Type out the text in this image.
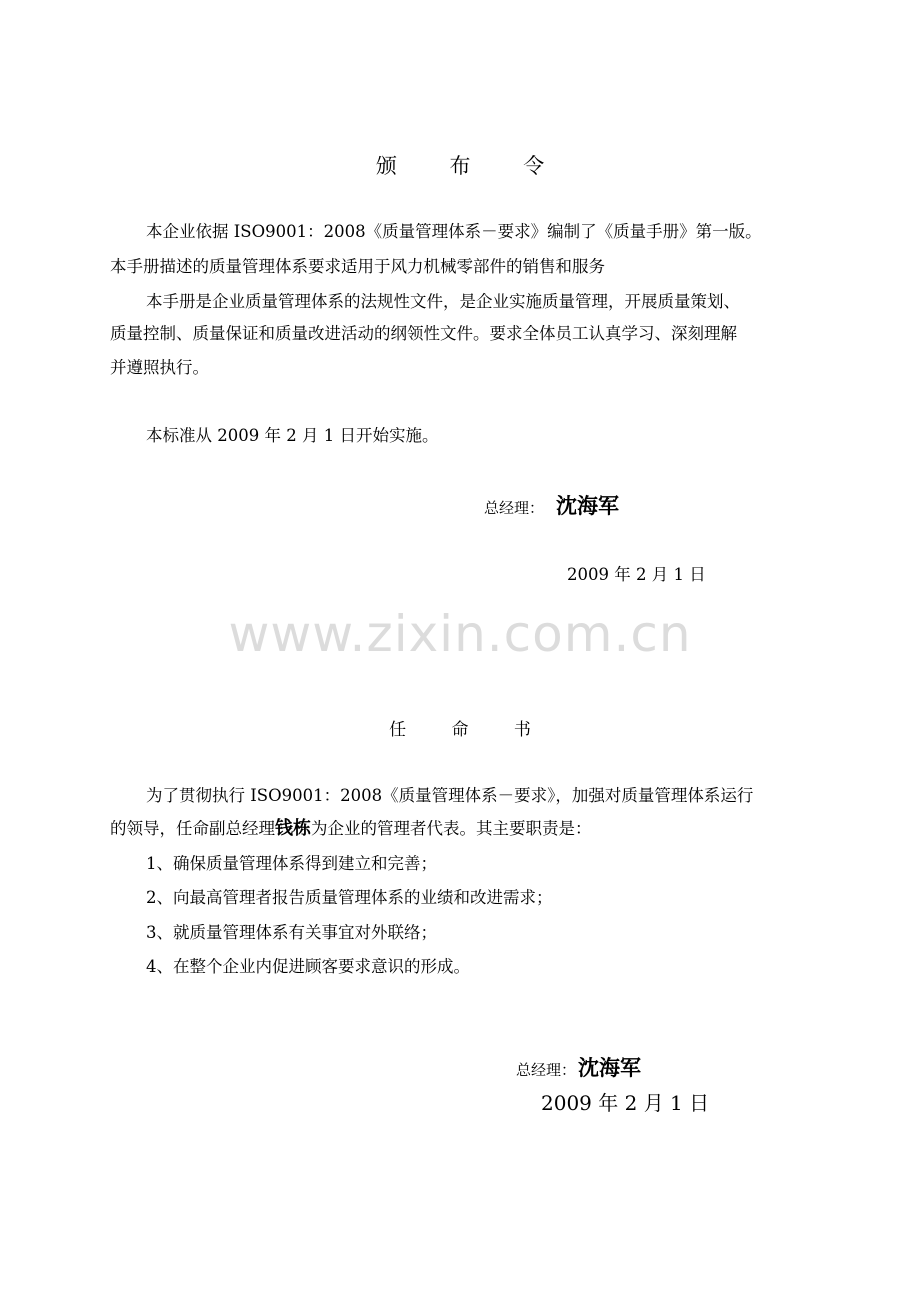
颁	布	令
本企业依据 ISO9001：2008《质量管理体系－要求》编制了《质量手册》第一版。
本手册描述的质量管理体系要求适用于风力机械零部件的销售和服务
本手册是企业质量管理体系的法规性文件，是企业实施质量管理，开展质量策划、
质量控制、质量保证和质量改进活动的纲领性文件。要求全体员工认真学习、深刻理解
并遵照执行。
本标准从 2009 年 2 月 1 日开始实施。
总经理： 沈海军
2009 年 2 月 1 日
www.zixin.com.cn
任	命	书
为了贯彻执行 ISO9001：2008《质量管理体系－要求》，加强对质量管理体系运行
的领导，任命副总经理钱栋为企业的管理者代表。其主要职责是：
1、确保质量管理体系得到建立和完善；
2、向最高管理者报告质量管理体系的业绩和改进需求；
3、就质量管理体系有关事宜对外联络；
4、在整个企业内促进顾客要求意识的形成。
总经理：沈海军
2009 年 2 月 1 日
